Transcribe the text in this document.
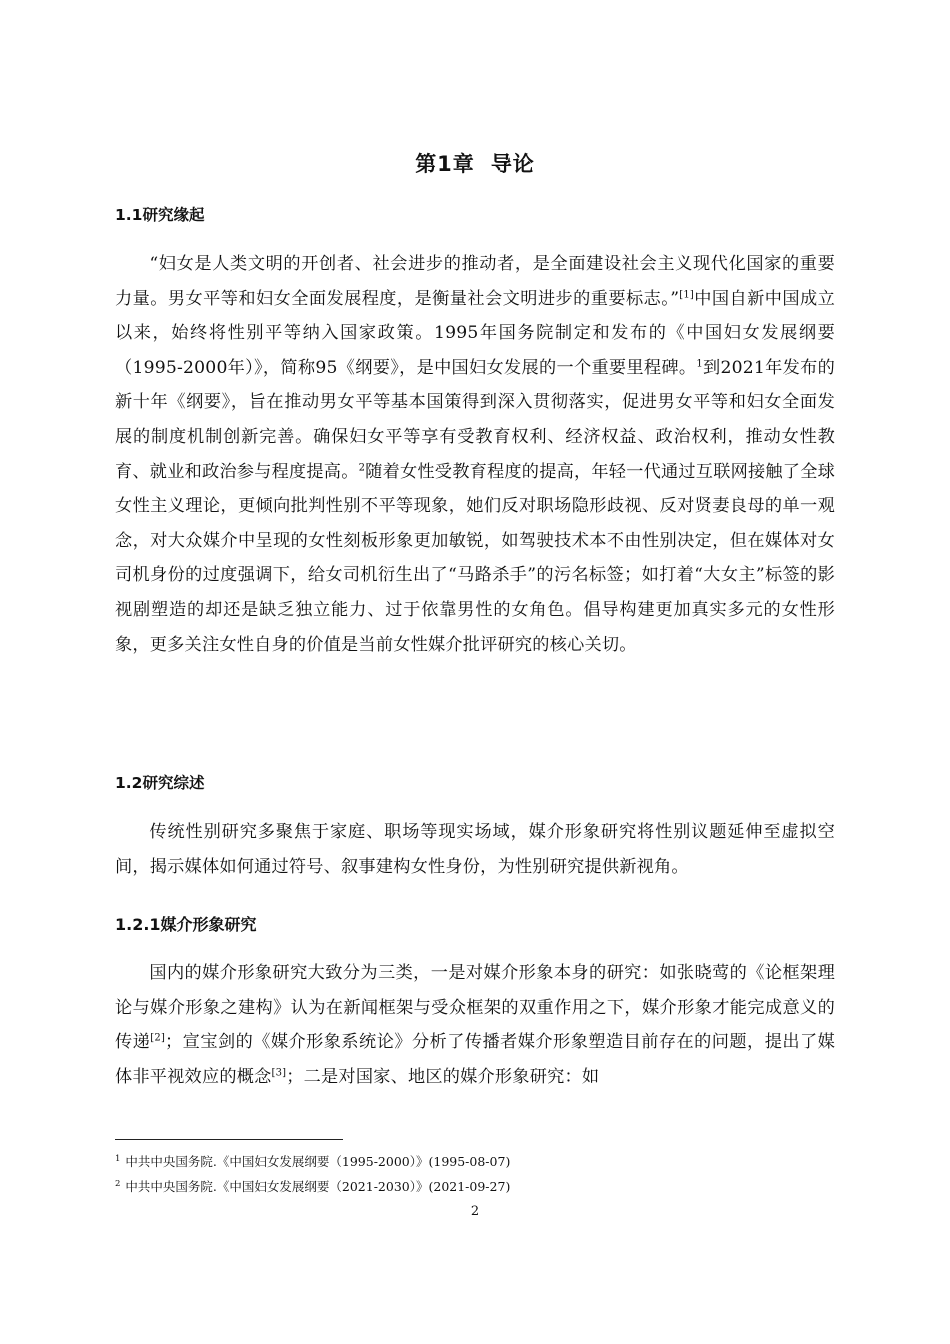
第1章 导论
1.1研究缘起

“妇女是人类文明的开创者、社会进步的推动者，是全面建设社会主义现代化国家的重要力量。男女平等和妇女全面发展程度，是衡量社会文明进步的重要标志。”[1]中国自新中国成立以来，始终将性别平等纳入国家政策。1995年国务院制定和发布的《中国妇女发展纲要（1995-2000年）》，简称95《纲要》，是中国妇女发展的一个重要里程碑。$^1$到2021年发布的新十年《纲要》，旨在推动男女平等基本国策得到深入贯彻落实，促进男女平等和妇女全面发展的制度机制创新完善。确保妇女平等享有受教育权利、经济权益、政治权利，推动女性教育、就业和政治参与程度提高。$^2$随着女性受教育程度的提高，年轻一代通过互联网接触了全球女性主义理论，更倾向批判性别不平等现象，她们反对职场隐形歧视、反对贤妻良母的单一观念，对大众媒介中呈现的女性刻板形象更加敏锐，如驾驶技术本不由性别决定，但在媒体对女司机身份的过度强调下，给女司机衍生出了“马路杀手”的污名标签；如打着“大女主”标签的影视剧塑造的却还是缺乏独立能力、过于依靠男性的女角色。倡导构建更加真实多元的女性形象，更多关注女性自身的价值是当前女性媒介批评研究的核心关切。

1.2研究综述

传统性别研究多聚焦于家庭、职场等现实场域，媒介形象研究将性别议题延伸至虚拟空间，揭示媒体如何通过符号、叙事建构女性身份，为性别研究提供新视角。

1.2.1媒介形象研究

国内的媒介形象研究大致分为三类，一是对媒介形象本身的研究：如张晓莺的《论框架理论与媒介形象之建构》认为在新闻框架与受众框架的双重作用之下，媒介形象才能完成意义的传递[2]；宣宝剑的《媒介形象系统论》分析了传播者媒介形象塑造目前存在的问题，提出了媒体非平视效应的概念[3]；二是对国家、地区的媒介形象研究：如

$^1$ 中共中央国务院.《中国妇女发展纲要（1995-2000）》(1995-08-07)

$^2$ 中共中央国务院.《中国妇女发展纲要（2021-2030）》(2021-09-27)

2
